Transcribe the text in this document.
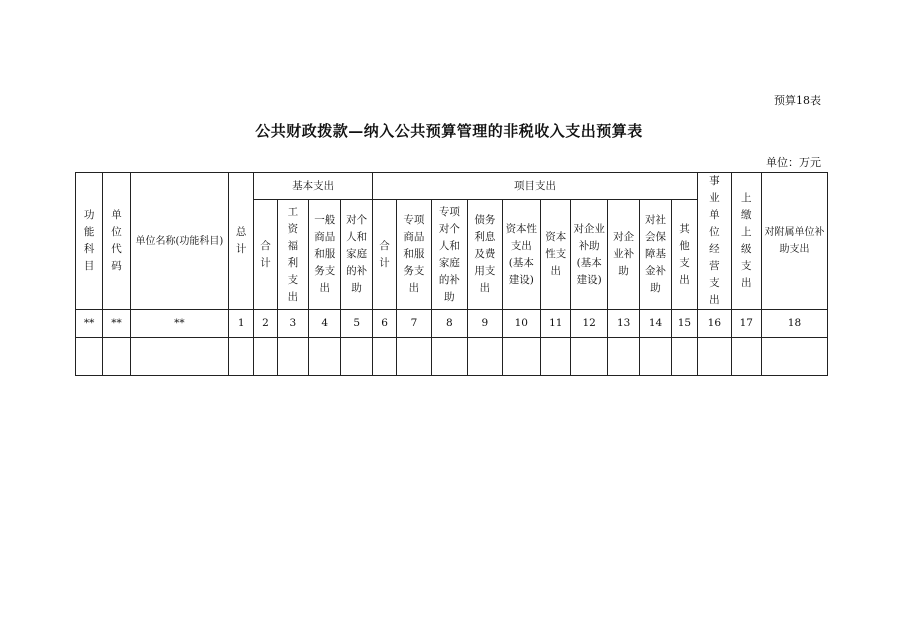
预算18表
公共财政拨款—纳入公共预算管理的非税收入支出预算表
单位：万元
功能科目	单位代码	单位名称(功能科目)	总计	基本支出				项目支出										事业单位经营支出	上缴上级支出	对附属单位补助支出
				合计	工资福利支出	一般商品和服务支出	对个人和家庭的补助	合计	专项商品和服务支出	专项对个人和家庭的补助	债务利息及费用支出	资本性支出(基本建设)	资本性支出	对企业补助(基本建设)	对企业补助	对社会保障基金补助	其他支出			
**	**	**	1	2	3	4	5	6	7	8	9	10	11	12	13	14	15	16	17	18
